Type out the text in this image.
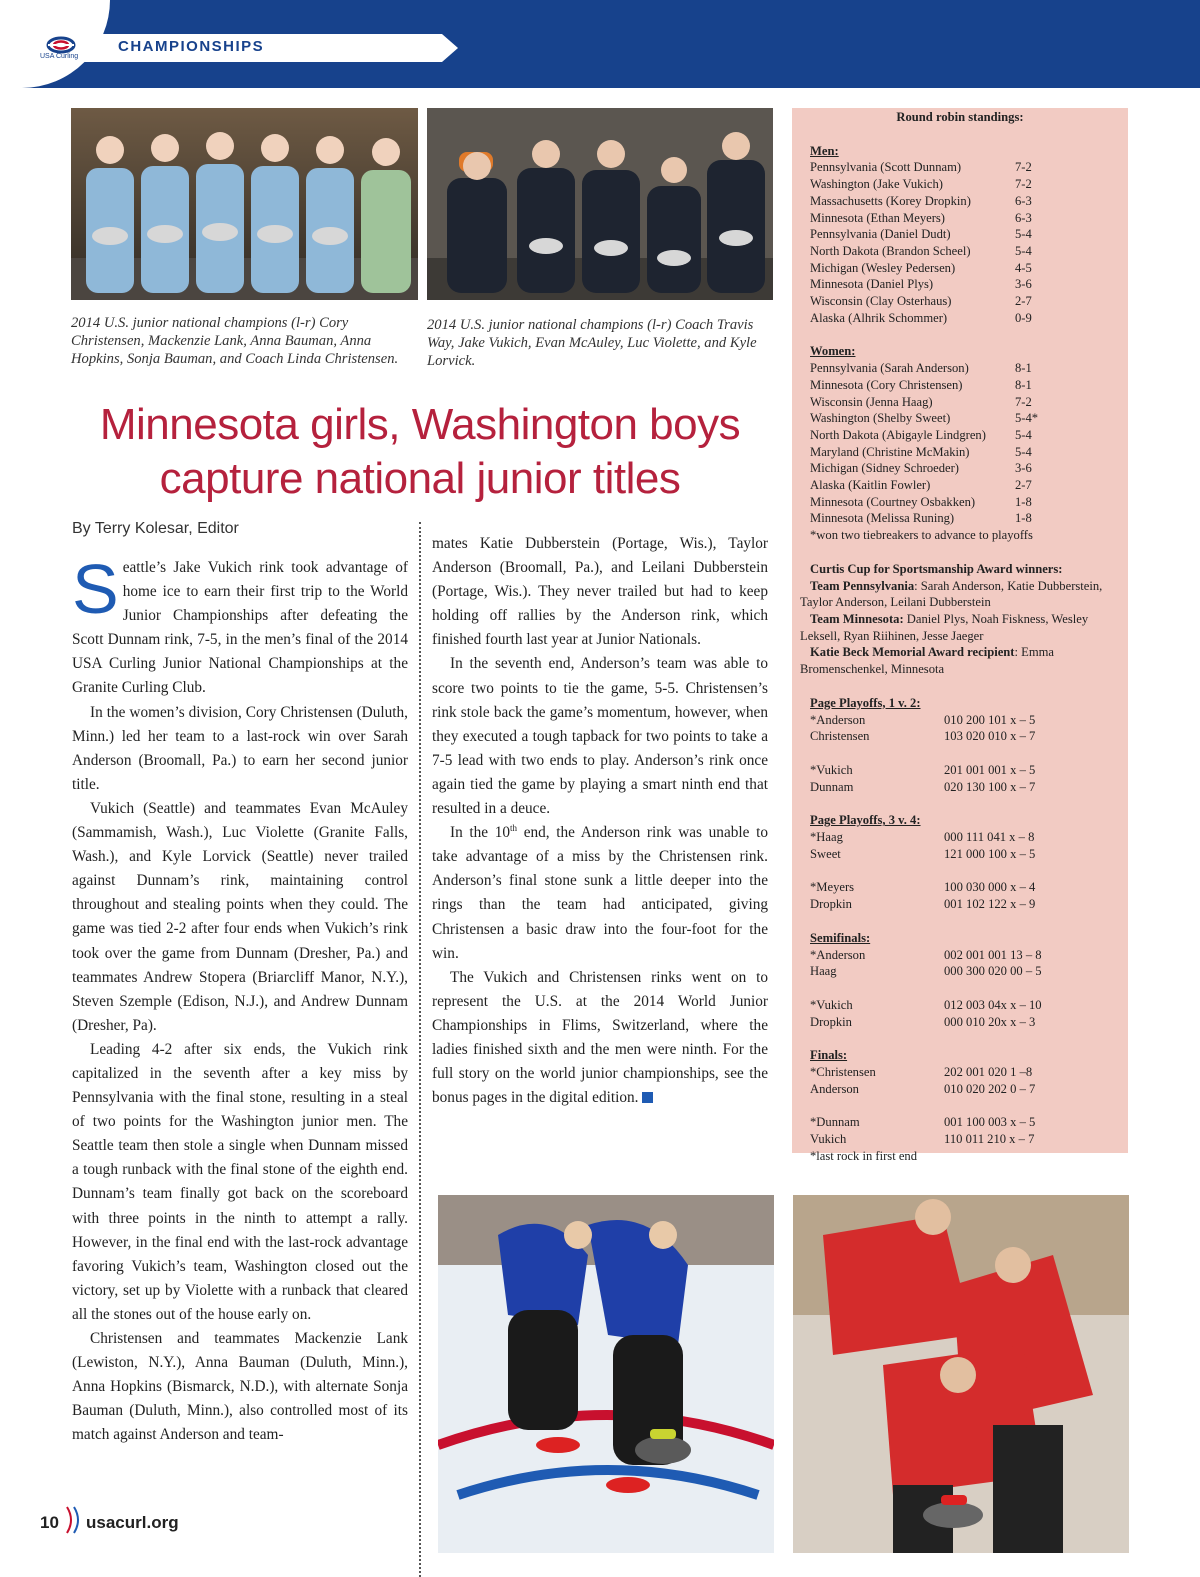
CHAMPIONSHIPS
USA Curling
2014 U.S. junior national champions (l-r) Cory Christensen, Mackenzie Lank, Anna Bauman, Anna Hopkins, Sonja Bauman, and Coach Linda Christensen.
2014 U.S. junior national champions (l-r) Coach Travis Way, Jake Vukich, Evan McAuley, Luc Violette, and Kyle Lorvick.
Minnesota girls, Washington boys capture national junior titles
By Terry Kolesar, Editor

Seattle’s Jake Vukich rink took advantage of home ice to earn their first trip to the World Junior Championships after defeating the Scott Dunnam rink, 7-5, in the men’s final of the 2014 USA Curling Junior National Championships at the Granite Curling Club.

In the women’s division, Cory Christensen (Duluth, Minn.) led her team to a last-rock win over Sarah Anderson (Broomall, Pa.) to earn her second junior title.

Vukich (Seattle) and teammates Evan McAuley (Sammamish, Wash.), Luc Violette (Granite Falls, Wash.), and Kyle Lorvick (Seattle) never trailed against Dunnam’s rink, maintaining control throughout and stealing points when they could. The game was tied 2-2 after four ends when Vukich’s rink took over the game from Dunnam (Dresher, Pa.) and teammates Andrew Stopera (Briarcliff Manor, N.Y.), Steven Szemple (Edison, N.J.), and Andrew Dunnam (Dresher, Pa).

Leading 4-2 after six ends, the Vukich rink capitalized in the seventh after a key miss by Pennsylvania with the final stone, resulting in a steal of two points for the Washington junior men. The Seattle team then stole a single when Dunnam missed a tough runback with the final stone of the eighth end. Dunnam’s team finally got back on the scoreboard with three points in the ninth to attempt a rally. However, in the final end with the last-rock advantage favoring Vukich’s team, Washington closed out the victory, set up by Violette with a runback that cleared all the stones out of the house early on.

Christensen and teammates Mackenzie Lank (Lewiston, N.Y.), Anna Bauman (Duluth, Minn.), Anna Hopkins (Bismarck, N.D.), with alternate Sonja Bauman (Duluth, Minn.), also controlled most of its match against Anderson and team-

mates Katie Dubberstein (Portage, Wis.), Taylor Anderson (Broomall, Pa.), and Leilani Dubberstein (Portage, Wis.). They never trailed but had to keep holding off rallies by the Anderson rink, which finished fourth last year at Junior Nationals.

In the seventh end, Anderson’s team was able to score two points to tie the game, 5-5. Christensen’s rink stole back the game’s momentum, however, when they executed a tough tapback for two points to take a 7-5 lead with two ends to play. Anderson’s rink once again tied the game by playing a smart ninth end that resulted in a deuce.

In the 10th end, the Anderson rink was unable to take advantage of a miss by the Christensen rink. Anderson’s final stone sunk a little deeper into the rings than the team had anticipated, giving Christensen a basic draw into the four-foot for the win.

The Vukich and Christensen rinks went on to represent the U.S. at the 2014 World Junior Championships in Flims, Switzerland, where the ladies finished sixth and the men were ninth. For the full story on the world junior championships, see the bonus pages in the digital edition.

Round robin standings:
Men:
Pennsylvania (Scott Dunnam)	7-2
Washington (Jake Vukich)	7-2
Massachusetts (Korey Dropkin)	6-3
Minnesota (Ethan Meyers)	6-3
Pennsylvania (Daniel Dudt)	5-4
North Dakota (Brandon Scheel)	5-4
Michigan (Wesley Pedersen)	4-5
Minnesota (Daniel Plys)	3-6
Wisconsin (Clay Osterhaus)	2-7
Alaska (Alhrik Schommer)	0-9
Women:
Pennsylvania (Sarah Anderson)	8-1
Minnesota (Cory Christensen)	8-1
Wisconsin (Jenna Haag)	7-2
Washington (Shelby Sweet)	5-4*
North Dakota (Abigayle Lindgren)	5-4
Maryland (Christine McMakin)	5-4
Michigan (Sidney Schroeder)	3-6
Alaska (Kaitlin Fowler)	2-7
Minnesota (Courtney Osbakken)	1-8
Minnesota (Melissa Runing)	1-8
*won two tiebreakers to advance to playoffs
Curtis Cup for Sportsmanship Award winners:
Team Pennsylvania: Sarah Anderson, Katie Dubberstein, Taylor Anderson, Leilani Dubberstein
Team Minnesota: Daniel Plys, Noah Fiskness, Wesley Leksell, Ryan Riihinen, Jesse Jaeger
Katie Beck Memorial Award recipient: Emma Bromenschenkel, Minnesota
Page Playoffs, 1 v. 2:
*Anderson	010 200 101 x – 5
Christensen	103 020 010 x – 7
*Vukich	201 001 001 x – 5
Dunnam	020 130 100 x – 7
Page Playoffs, 3 v. 4:
*Haag	000 111 041 x – 8
Sweet	121 000 100 x – 5
*Meyers	100 030 000 x – 4
Dropkin	001 102 122 x – 9
Semifinals:
*Anderson	002 001 001 13 – 8
Haag	000 300 020 00 – 5
*Vukich	012 003 04x x – 10
Dropkin	000 010 20x x – 3
Finals:
*Christensen	202 001 020 1 –8
Anderson	010 020 202 0 – 7
*Dunnam	001 100 003 x – 5
Vukich	110 011 210 x – 7
*last rock in first end
10 usacurl.org
